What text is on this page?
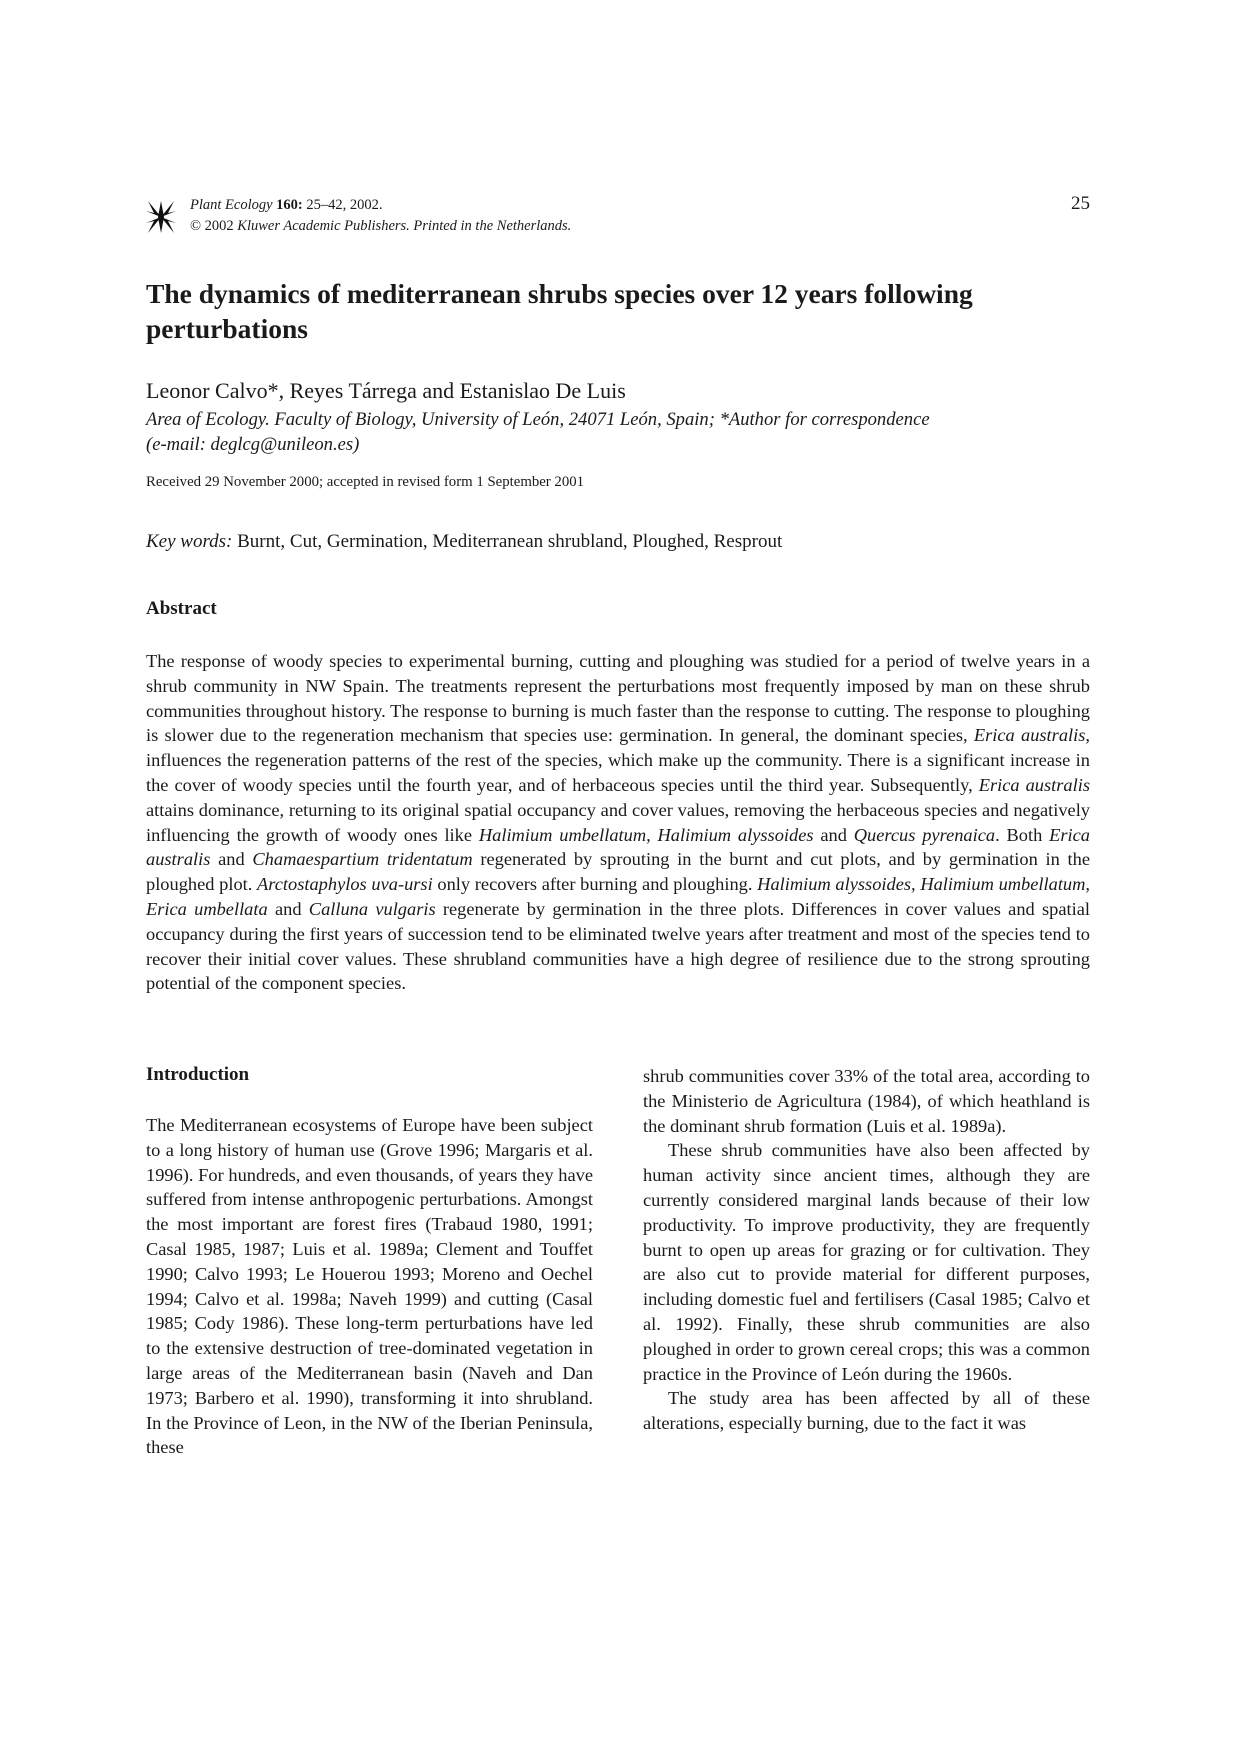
Plant Ecology 160: 25–42, 2002.
© 2002 Kluwer Academic Publishers. Printed in the Netherlands.
25
The dynamics of mediterranean shrubs species over 12 years following perturbations
Leonor Calvo*, Reyes Tárrega and Estanislao De Luis
Area of Ecology. Faculty of Biology, University of León, 24071 León, Spain; *Author for correspondence
(e-mail: deglcg@unileon.es)
Received 29 November 2000; accepted in revised form 1 September 2001
Key words: Burnt, Cut, Germination, Mediterranean shrubland, Ploughed, Resprout
Abstract

The response of woody species to experimental burning, cutting and ploughing was studied for a period of twelve years in a shrub community in NW Spain. The treatments represent the perturbations most frequently imposed by man on these shrub communities throughout history. The response to burning is much faster than the response to cutting. The response to ploughing is slower due to the regeneration mechanism that species use: germination. In general, the dominant species, Erica australis, influences the regeneration patterns of the rest of the species, which make up the community. There is a significant increase in the cover of woody species until the fourth year, and of herbaceous species until the third year. Subsequently, Erica australis attains dominance, returning to its original spatial occupancy and cover values, removing the herbaceous species and negatively influencing the growth of woody ones like Halimium umbellatum, Halimium alyssoides and Quercus pyrenaica. Both Erica australis and Chamaespartium tridentatum regenerated by sprouting in the burnt and cut plots, and by germination in the ploughed plot. Arctostaphylos uva-ursi only recovers after burning and ploughing. Halimium alyssoides, Halimium umbellatum, Erica umbellata and Calluna vulgaris regenerate by germination in the three plots. Differences in cover values and spatial occupancy during the first years of succession tend to be eliminated twelve years after treatment and most of the species tend to recover their initial cover values. These shrubland communities have a high degree of resilience due to the strong sprouting potential of the component species.

Introduction

The Mediterranean ecosystems of Europe have been subject to a long history of human use (Grove 1996; Margaris et al. 1996). For hundreds, and even thousands, of years they have suffered from intense anthropogenic perturbations. Amongst the most important are forest fires (Trabaud 1980, 1991; Casal 1985, 1987; Luis et al. 1989a; Clement and Touffet 1990; Calvo 1993; Le Houerou 1993; Moreno and Oechel 1994; Calvo et al. 1998a; Naveh 1999) and cutting (Casal 1985; Cody 1986). These long-term perturbations have led to the extensive destruction of tree-dominated vegetation in large areas of the Mediterranean basin (Naveh and Dan 1973; Barbero et al. 1990), transforming it into shrubland. In the Province of Leon, in the NW of the Iberian Peninsula, these

shrub communities cover 33% of the total area, according to the Ministerio de Agricultura (1984), of which heathland is the dominant shrub formation (Luis et al. 1989a).

These shrub communities have also been affected by human activity since ancient times, although they are currently considered marginal lands because of their low productivity. To improve productivity, they are frequently burnt to open up areas for grazing or for cultivation. They are also cut to provide material for different purposes, including domestic fuel and fertilisers (Casal 1985; Calvo et al. 1992). Finally, these shrub communities are also ploughed in order to grown cereal crops; this was a common practice in the Province of León during the 1960s.

The study area has been affected by all of these alterations, especially burning, due to the fact it was
